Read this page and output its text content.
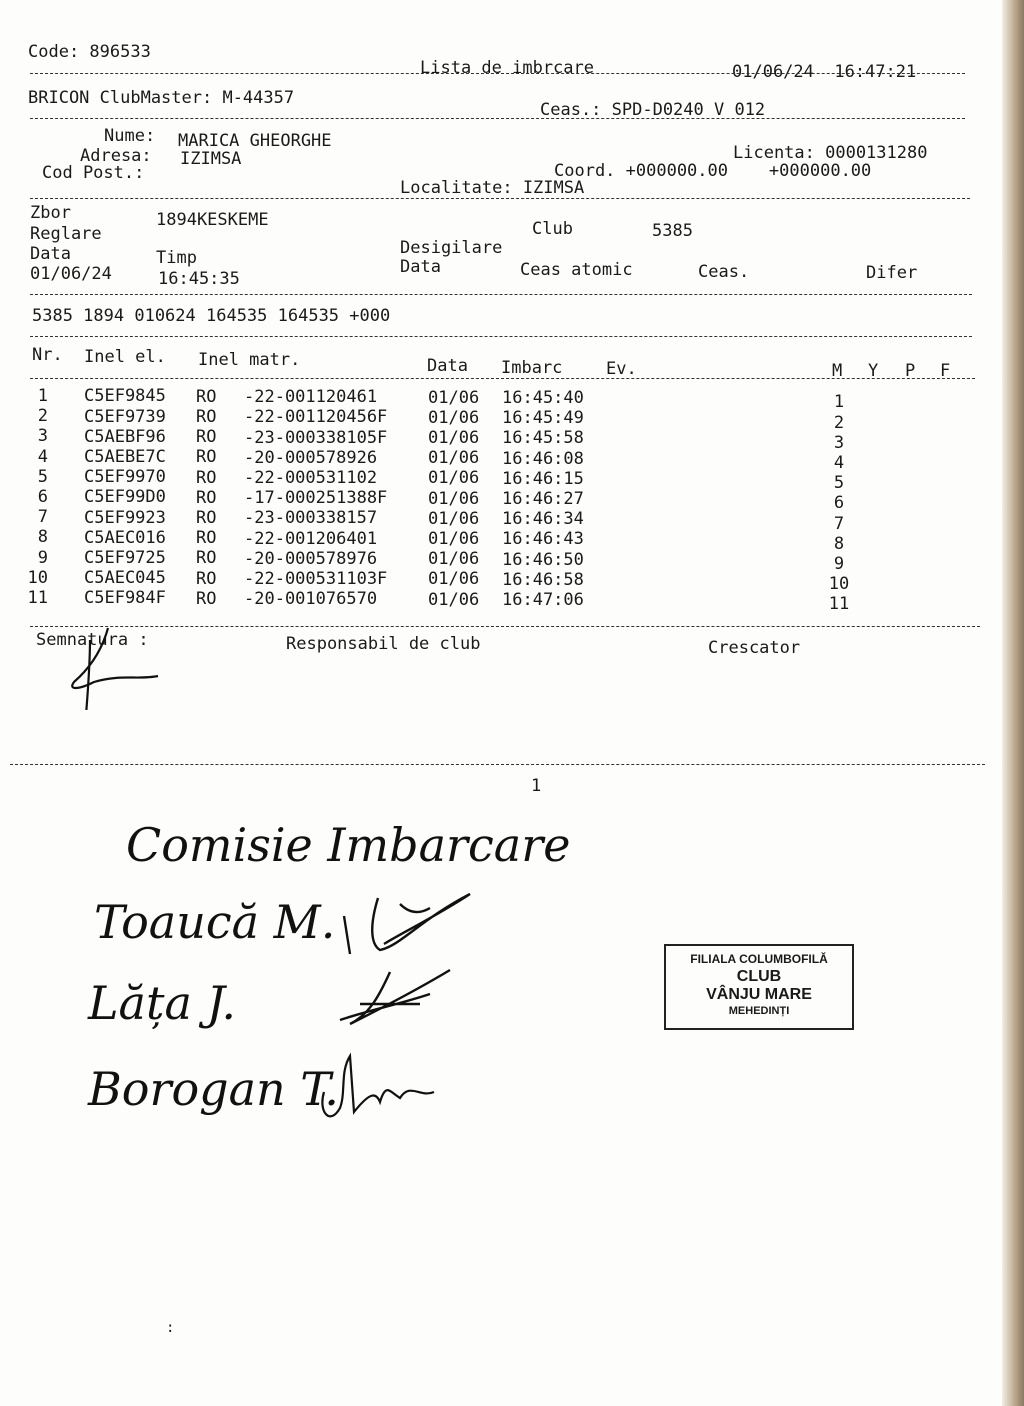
Code: 896533
Lista de imbrcare	01/06/24  16:47:21
BRICON ClubMaster: M-44357
Ceas.: SPD-D0240 V 012
Nume: MARICA GHEORGHE
Adresa: IZIMSA
Cod Post.:
Licenta: 0000131280
Coord. +000000.00    +000000.00
Localitate: IZIMSA
Zbor	1894KESKEME
Reglare	Club	5385
Data	Timp	Desigilare
Data	Ceas atomic	Ceas.	Difer
01/06/24	16:45:35
5385 1894 010624 164535 164535 +000
Nr. Inel el. Inel matr.	Data Imbarc	Ev.	M Y P F
1 C5EF9845 RO -22-001120461	01/06 16:45:40	1
2 C5EF9739 RO -22-001120456F 01/06 16:45:49	2
3 C5AEBF96 RO -23-000338105F 01/06 16:45:58	3
4 C5AEBE7C RO -20-000578926	01/06 16:46:08	4
5 C5EF9970 RO -22-000531102	01/06 16:46:15	5
6 C5EF99D0 RO -17-000251388F 01/06 16:46:27	6
7 C5EF9923 RO -23-000338157	01/06 16:46:34	7
8 C5AEC016 RO -22-001206401	01/06 16:46:43	8
9 C5EF9725 RO -20-000578976	01/06 16:46:50	9
10 C5AEC045 RO -22-000531103F 01/06 16:46:58	10
11 C5EF984F RO -20-001076570	01/06 16:47:06	11
Semnatura :	Responsabil de club	Crescator
1
Comisie Imbarcare
Toaucă M.
Lăța J.
Borogan T.
FILIALA COLUMBOFILĂ
CLUB
VÂNJU MARE
MEHEDINȚI
:
